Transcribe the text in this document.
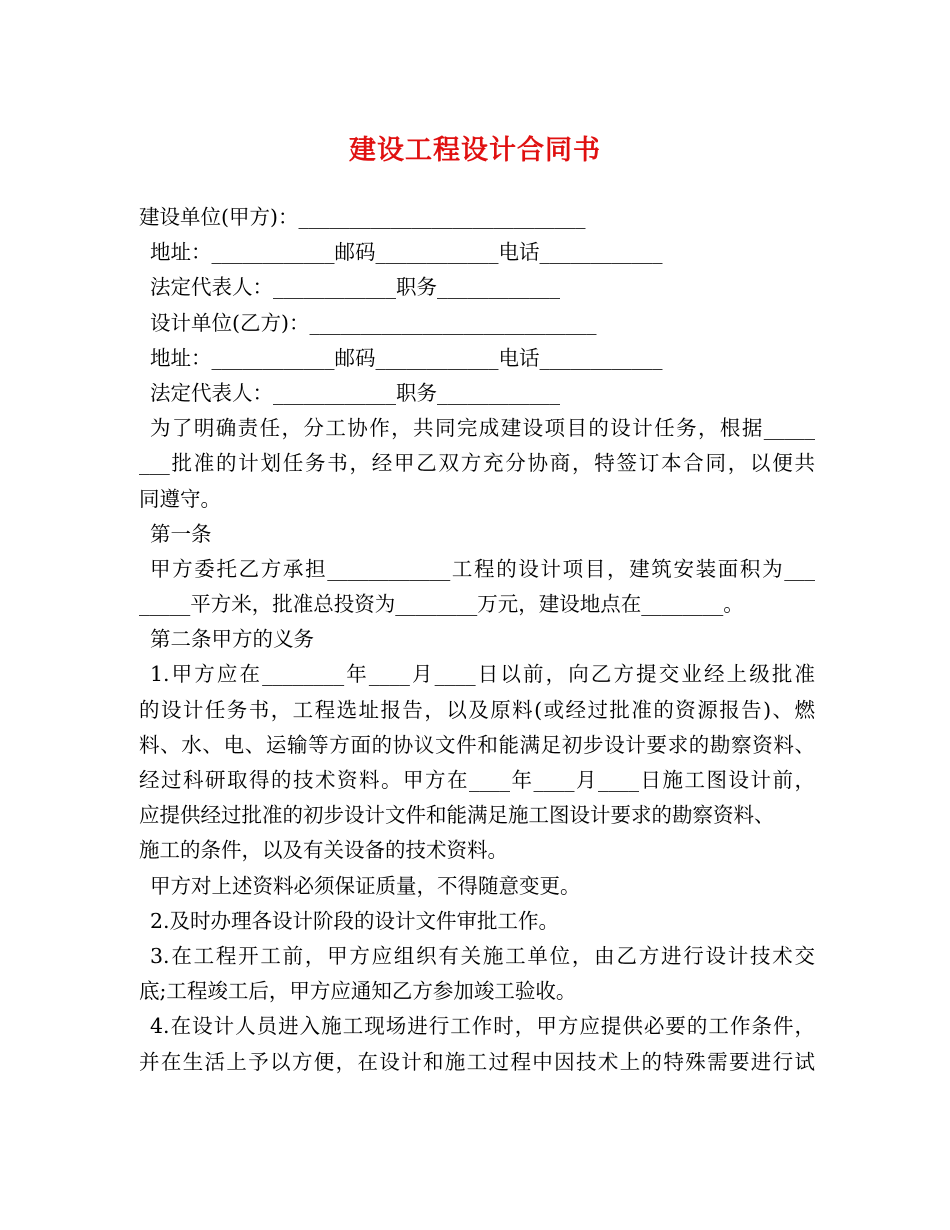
建设工程设计合同书
建设单位(甲方)：____________________________
地址：____________邮码____________电话____________
法定代表人：____________职务____________
设计单位(乙方)：____________________________
地址：____________邮码____________电话____________
法定代表人：____________职务____________
为了明确责任，分工协作，共同完成建设项目的设计任务，根据_____
___批准的计划任务书，经甲乙双方充分协商，特签订本合同，以便共
同遵守。
第一条
甲方委托乙方承担____________工程的设计项目，建筑安装面积为___
_____平方米，批准总投资为________万元，建设地点在________。
第二条甲方的义务
1.甲方应在________年____月____日以前，向乙方提交业经上级批准
的设计任务书，工程选址报告，以及原料(或经过批准的资源报告)、燃
料、水、电、运输等方面的协议文件和能满足初步设计要求的勘察资料、
经过科研取得的技术资料。甲方在____年____月____日施工图设计前，
应提供经过批准的初步设计文件和能满足施工图设计要求的勘察资料、
施工的条件，以及有关设备的技术资料。
甲方对上述资料必须保证质量，不得随意变更。
2.及时办理各设计阶段的设计文件审批工作。
3.在工程开工前，甲方应组织有关施工单位，由乙方进行设计技术交
底;工程竣工后，甲方应通知乙方参加竣工验收。
4.在设计人员进入施工现场进行工作时，甲方应提供必要的工作条件，
并在生活上予以方便，在设计和施工过程中因技术上的特殊需要进行试
